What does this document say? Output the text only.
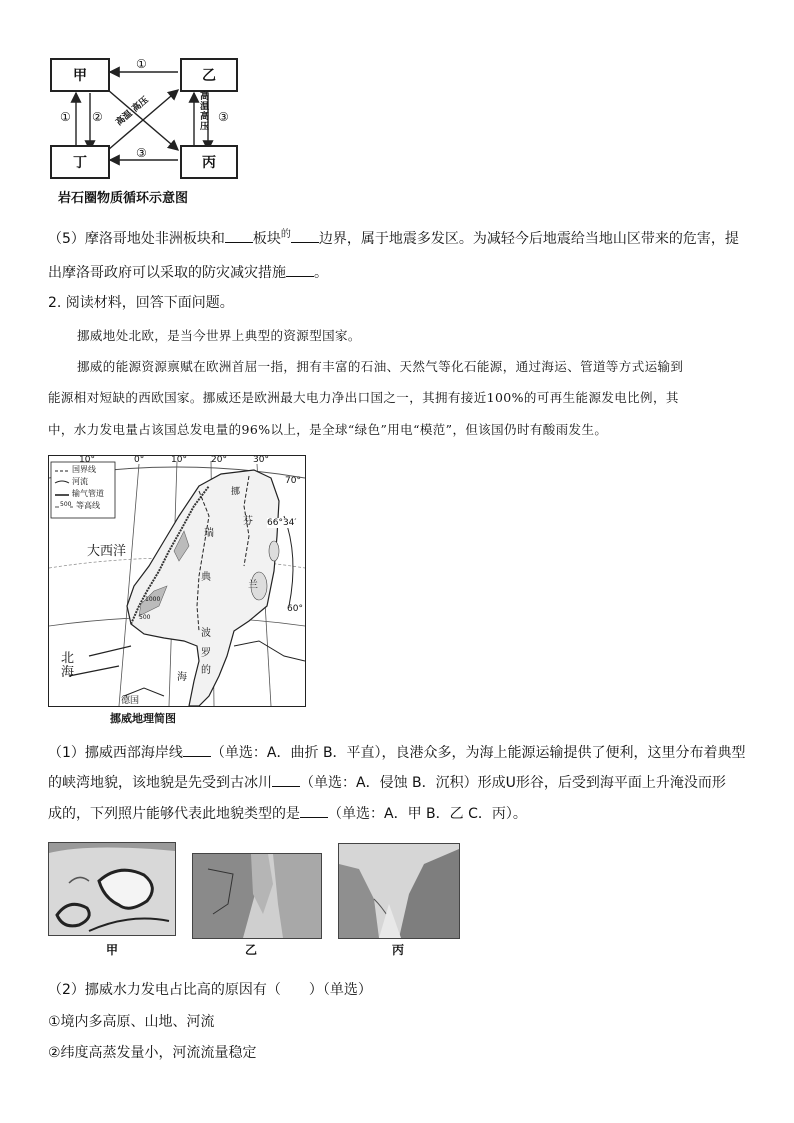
甲	乙
丁	丙
①
① ②	③
③
高温 高压	高温高压
岩石圈物质循环示意图
（5）摩洛哥地处非洲板块和 板块$^的$ 边界，属于地震多发区。为减轻今后地震给当地山区带来的危害，提
出摩洛哥政府可以采取的防灾减灾措施 。
2. 阅读材料，回答下面问题。
挪威地处北欧，是当今世界上典型的资源型国家。
挪威的能源资源禀赋在欧洲首屈一指，拥有丰富的石油、天然气等化石能源，通过海运、管道等方式运输到
能源相对短缺的西欧国家。挪威还是欧洲最大电力净出口国之一，其拥有接近100%的可再生能源发电比例，其
中，水力发电量占该国总发电量的96%以上，是全球“绿色”用电“模范”，但该国仍时有酸雨发生。
国界线
河流
输气管道
500 等高线
10°	0°	10°	20°	30°
70°
66°34′
60°
大西洋
北海
德国
瑞
典
芬
兰
挪
波
罗
的
海
1000
500
挪威地理简图
（1）挪威西部海岸线 （单选：A．曲折 B．平直），良港众多，为海上能源运输提供了便利，这里分布着典型
的峡湾地貌，该地貌是先受到古冰川 （单选：A．侵蚀 B．沉积）形成U形谷，后受到海平面上升淹没而形
成的，下列照片能够代表此地貌类型的是 （单选：A．甲 B．乙 C．丙）。
甲	乙	丙
（2）挪威水力发电占比高的原因有（　　）（单选）
①境内多高原、山地、河流
②纬度高蒸发量小，河流流量稳定
